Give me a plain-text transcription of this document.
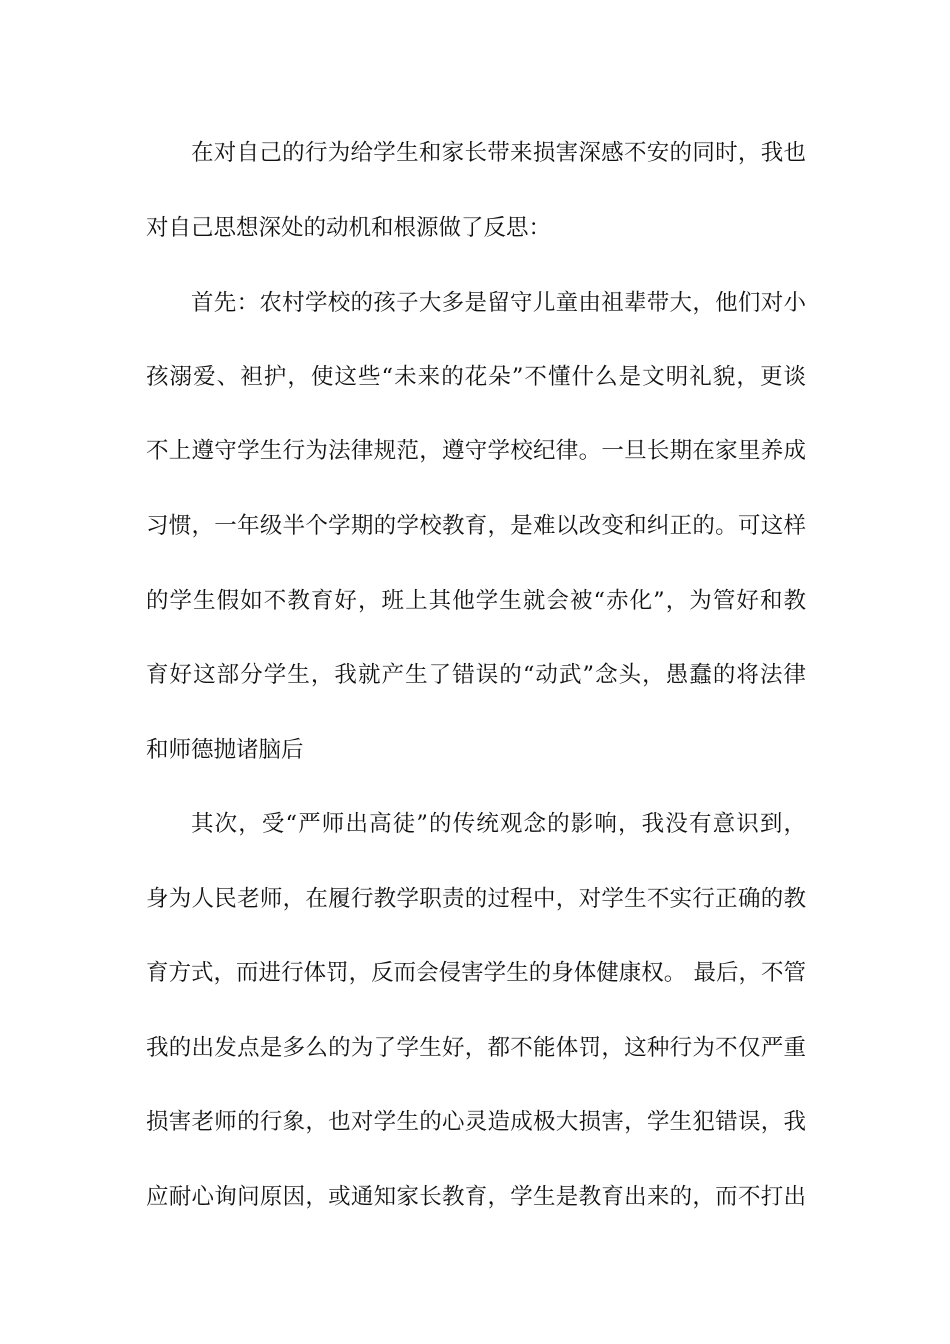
在对自己的行为给学生和家长带来损害深感不安的同时，我也
对自己思想深处的动机和根源做了反思：
首先：农村学校的孩子大多是留守儿童由祖辈带大，他们对小
孩溺爱、袒护，使这些“未来的花朵”不懂什么是文明礼貌，更谈
不上遵守学生行为法律规范，遵守学校纪律。一旦长期在家里养成
习惯，一年级半个学期的学校教育，是难以改变和纠正的。可这样
的学生假如不教育好，班上其他学生就会被“赤化”，为管好和教
育好这部分学生，我就产生了错误的“动武”念头，愚蠢的将法律
和师德抛诸脑后
其次，受“严师出高徒”的传统观念的影响，我没有意识到，
身为人民老师，在履行教学职责的过程中，对学生不实行正确的教
育方式，而进行体罚，反而会侵害学生的身体健康权。 最后，不管
我的出发点是多么的为了学生好，都不能体罚，这种行为不仅严重
损害老师的行象，也对学生的心灵造成极大损害，学生犯错误，我
应耐心询问原因，或通知家长教育，学生是教育出来的，而不打出
